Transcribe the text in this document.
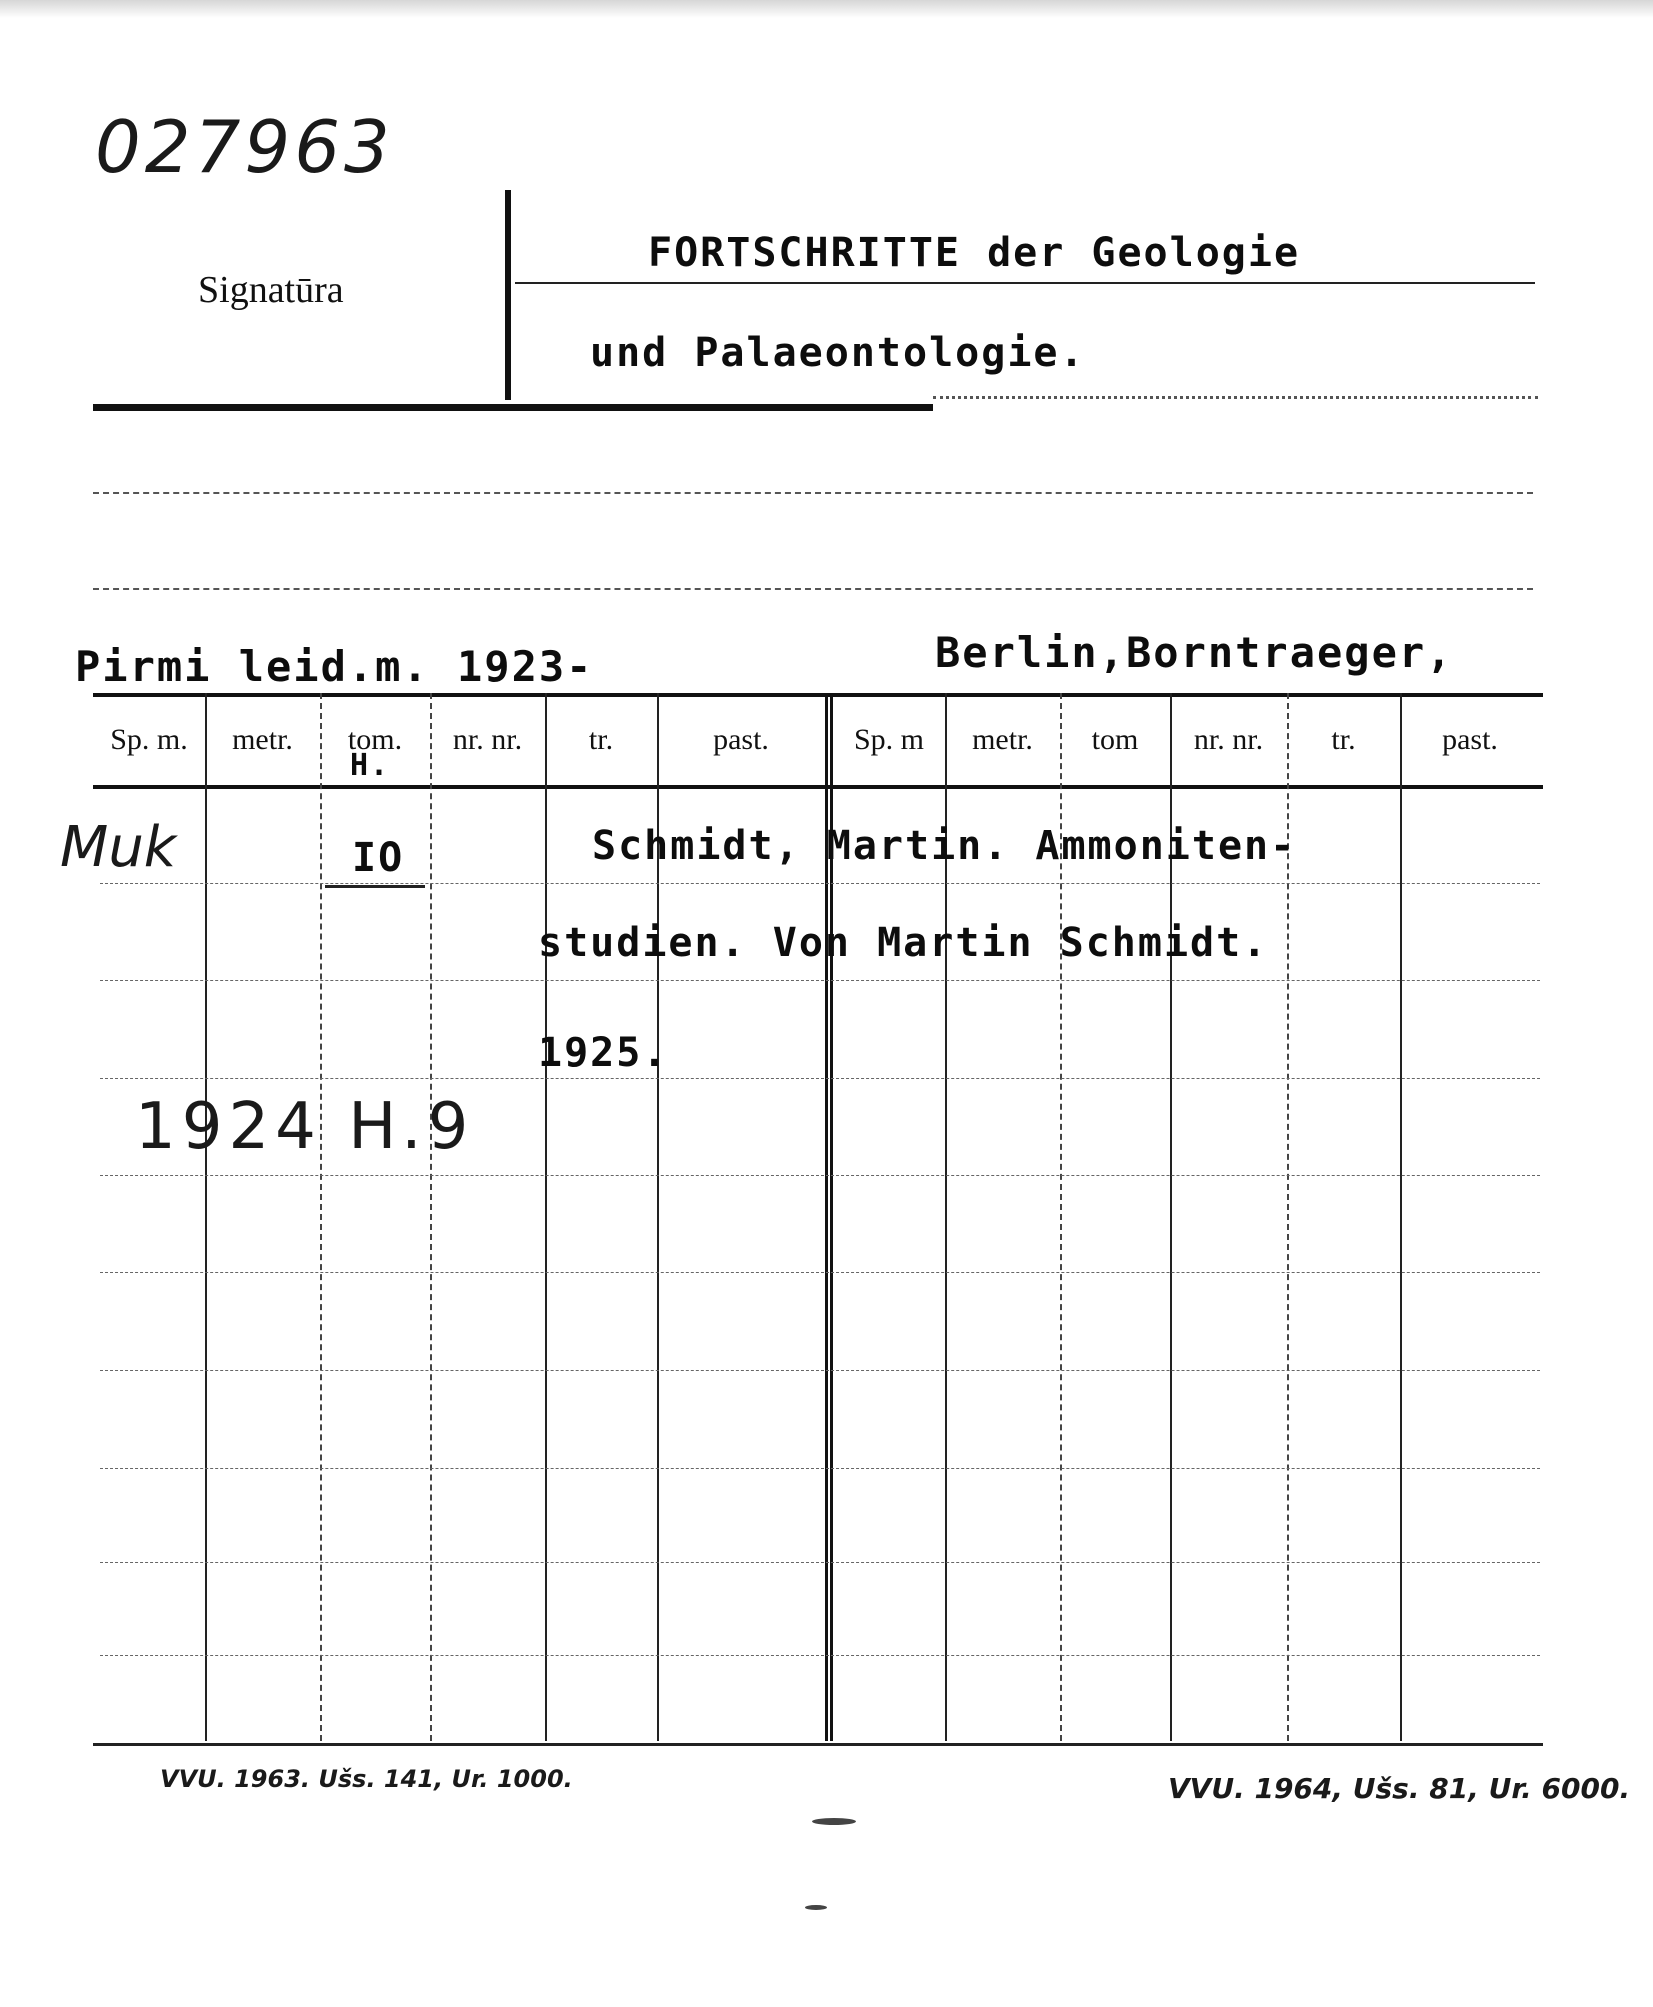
027963
Signatūra
FORTSCHRITTE der Geologie
und Palaeontologie.
Pirmi leid.m. 1923-	Berlin,Borntraeger,
Sp. m.	metr.	tom.	nr. nr.	tr.	past.	Sp. m	metr.	tom	nr. nr.	tr.	past.
Muk
H.
IO	Schmidt, Martin. Ammoniten-
studien. Von Martin Schmidt.
1925.
1924 H.9
VVU. 1963. Ušs. 141, Ur. 1000.	VVU. 1964, Ušs. 81, Ur. 6000.
